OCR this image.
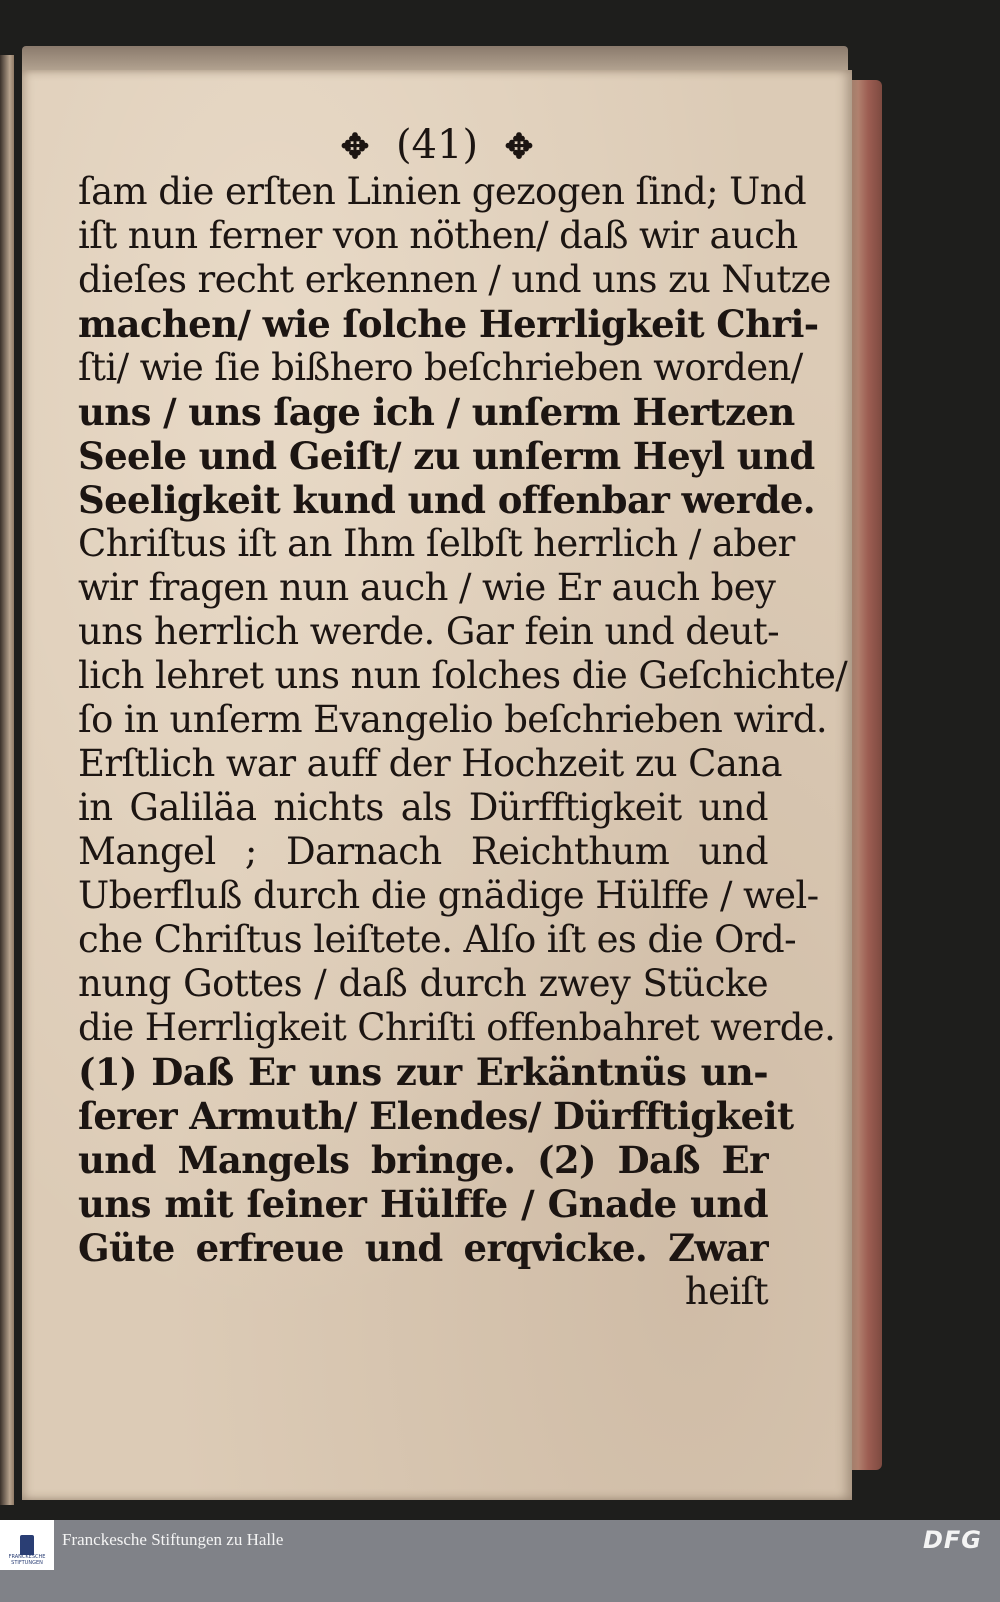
✥ (41) ✥
ſam die erſten Linien gezogen ſind; Und
iſt nun ferner von nöthen/ daß wir auch
dieſes recht erkennen / und uns zu Nutze
machen/ wie ſolche Herrligkeit Chri-
ſti/ wie ſie bißhero beſchrieben worden/
uns / uns ſage ich / unſerm Hertzen
Seele und Geiſt/ zu unſerm Heyl und
Seeligkeit kund und offenbar werde.
Chriſtus iſt an Ihm ſelbſt herrlich / aber
wir fragen nun auch / wie Er auch bey
uns herrlich werde. Gar fein und deut-
lich lehret uns nun ſolches die Geſchichte/
ſo in unſerm Evangelio beſchrieben wird.
Erſtlich war auff der Hochzeit zu Cana
in Galiläa nichts als Dürfftigkeit und
Mangel ; Darnach Reichthum und
Uberfluß durch die gnädige Hülffe / wel-
che Chriſtus leiſtete. Alſo iſt es die Ord-
nung Gottes / daß durch zwey Stücke
die Herrligkeit Chriſti offenbahret werde.
(1) Daß Er uns zur Erkäntnüs un-
ſerer Armuth/ Elendes/ Dürfftigkeit
und Mangels bringe. (2) Daß Er
uns mit ſeiner Hülffe / Gnade und
Güte erfreue und erqvicke. Zwar
heiſt
FRANCKESCHE STIFTUNGEN
Franckesche Stiftungen zu Halle	DFG
